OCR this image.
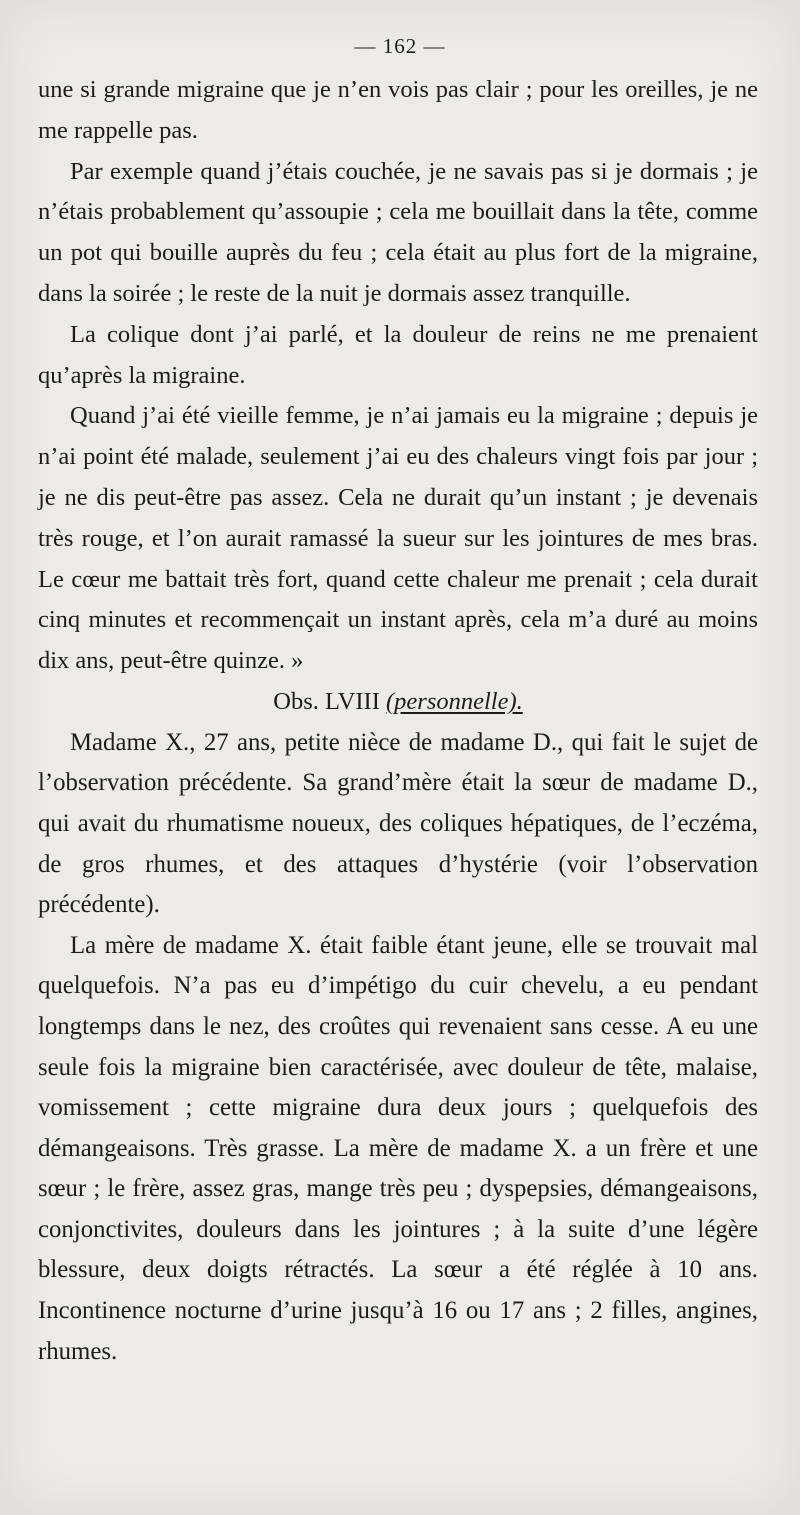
— 162 —

une si grande migraine que je n’en vois pas clair ; pour les oreilles, je ne me rappelle pas.

Par exemple quand j’étais couchée, je ne savais pas si je dormais ; je n’étais probablement qu’assoupie ; cela me bouillait dans la tête, comme un pot qui bouille auprès du feu ; cela était au plus fort de la migraine, dans la soirée ; le reste de la nuit je dormais assez tranquille.

La colique dont j’ai parlé, et la douleur de reins ne me prenaient qu’après la migraine.

Quand j’ai été vieille femme, je n’ai jamais eu la migraine ; depuis je n’ai point été malade, seulement j’ai eu des chaleurs vingt fois par jour ; je ne dis peut-être pas assez. Cela ne durait qu’un instant ; je devenais très rouge, et l’on aurait ramassé la sueur sur les jointures de mes bras. Le cœur me battait très fort, quand cette chaleur me prenait ; cela durait cinq minutes et recommençait un instant après, cela m’a duré au moins dix ans, peut-être quinze. »

Obs. LVIII (personnelle).

Madame X., 27 ans, petite nièce de madame D., qui fait le sujet de l’observation précédente. Sa grand’mère était la sœur de madame D., qui avait du rhumatisme noueux, des coliques hépatiques, de l’eczéma, de gros rhumes, et des attaques d’hystérie (voir l’observation précédente).

La mère de madame X. était faible étant jeune, elle se trouvait mal quelquefois. N’a pas eu d’impétigo du cuir chevelu, a eu pendant longtemps dans le nez, des croûtes qui revenaient sans cesse. A eu une seule fois la migraine bien caractérisée, avec douleur de tête, malaise, vomissement ; cette migraine dura deux jours ; quelquefois des démangeaisons. Très grasse. La mère de madame X. a un frère et une sœur ; le frère, assez gras, mange très peu ; dyspepsies, démangeaisons, conjonctivites, douleurs dans les jointures ; à la suite d’une légère blessure, deux doigts rétractés. La sœur a été réglée à 10 ans. Incontinence nocturne d’urine jusqu’à 16 ou 17 ans ; 2 filles, angines, rhumes.
